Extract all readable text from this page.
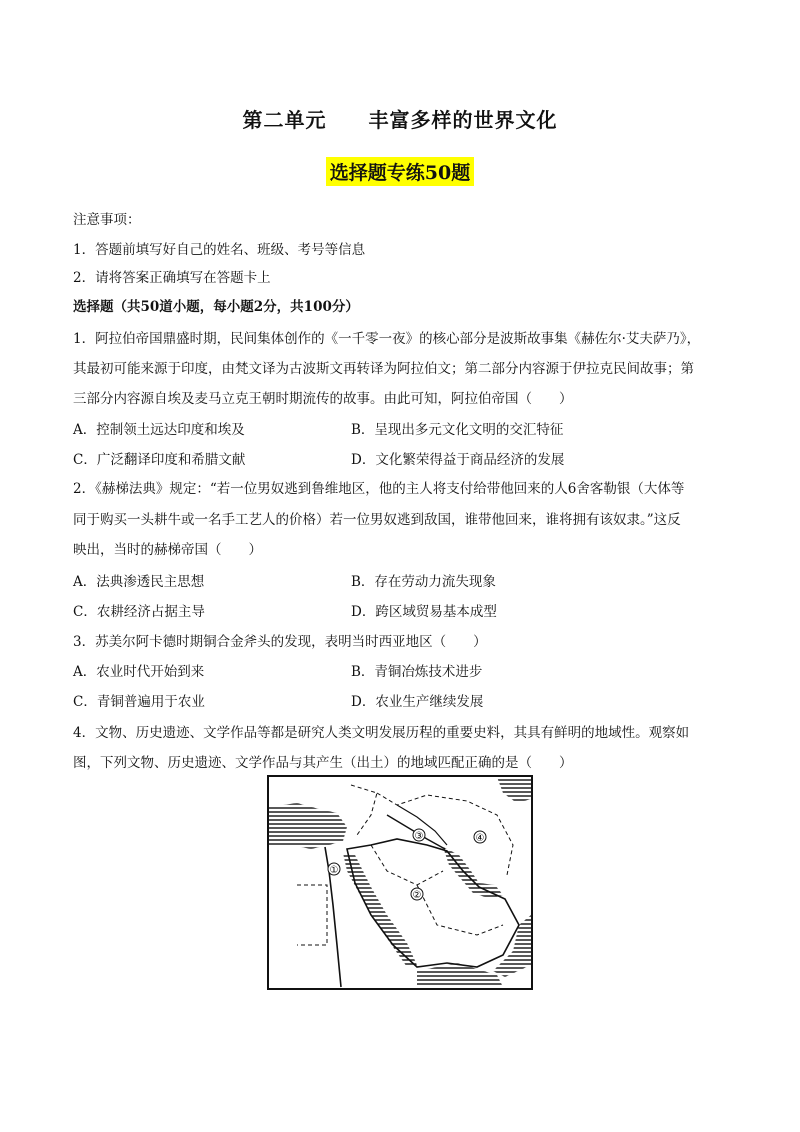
第二单元　　丰富多样的世界文化
选择题专练50题
注意事项：
1．答题前填写好自己的姓名、班级、考号等信息
2．请将答案正确填写在答题卡上
选择题（共50道小题，每小题2分，共100分）
1．阿拉伯帝国鼎盛时期，民间集体创作的《一千零一夜》的核心部分是波斯故事集《赫佐尔·艾夫萨乃》，
其最初可能来源于印度，由梵文译为古波斯文再转译为阿拉伯文；第二部分内容源于伊拉克民间故事；第
三部分内容源自埃及麦马立克王朝时期流传的故事。由此可知，阿拉伯帝国（　　）
A．控制领土远达印度和埃及	B．呈现出多元文化文明的交汇特征
C．广泛翻译印度和希腊文献	D．文化繁荣得益于商品经济的发展
2．《赫梯法典》规定：“若一位男奴逃到鲁维地区，他的主人将支付给带他回来的人6舍客勒银（大体等
同于购买一头耕牛或一名手工艺人的价格）若一位男奴逃到敌国，谁带他回来，谁将拥有该奴隶。”这反
映出，当时的赫梯帝国（　　）
A．法典渗透民主思想	B．存在劳动力流失现象
C．农耕经济占据主导	D．跨区域贸易基本成型
3．苏美尔阿卡德时期铜合金斧头的发现，表明当时西亚地区（　　）
A．农业时代开始到来	B．青铜冶炼技术进步
C．青铜普遍用于农业	D．农业生产继续发展
4．文物、历史遗迹、文学作品等都是研究人类文明发展历程的重要史料，其具有鲜明的地域性。观察如
图，下列文物、历史遗迹、文学作品与其产生（出土）的地域匹配正确的是（　　）
①
②
③	④
